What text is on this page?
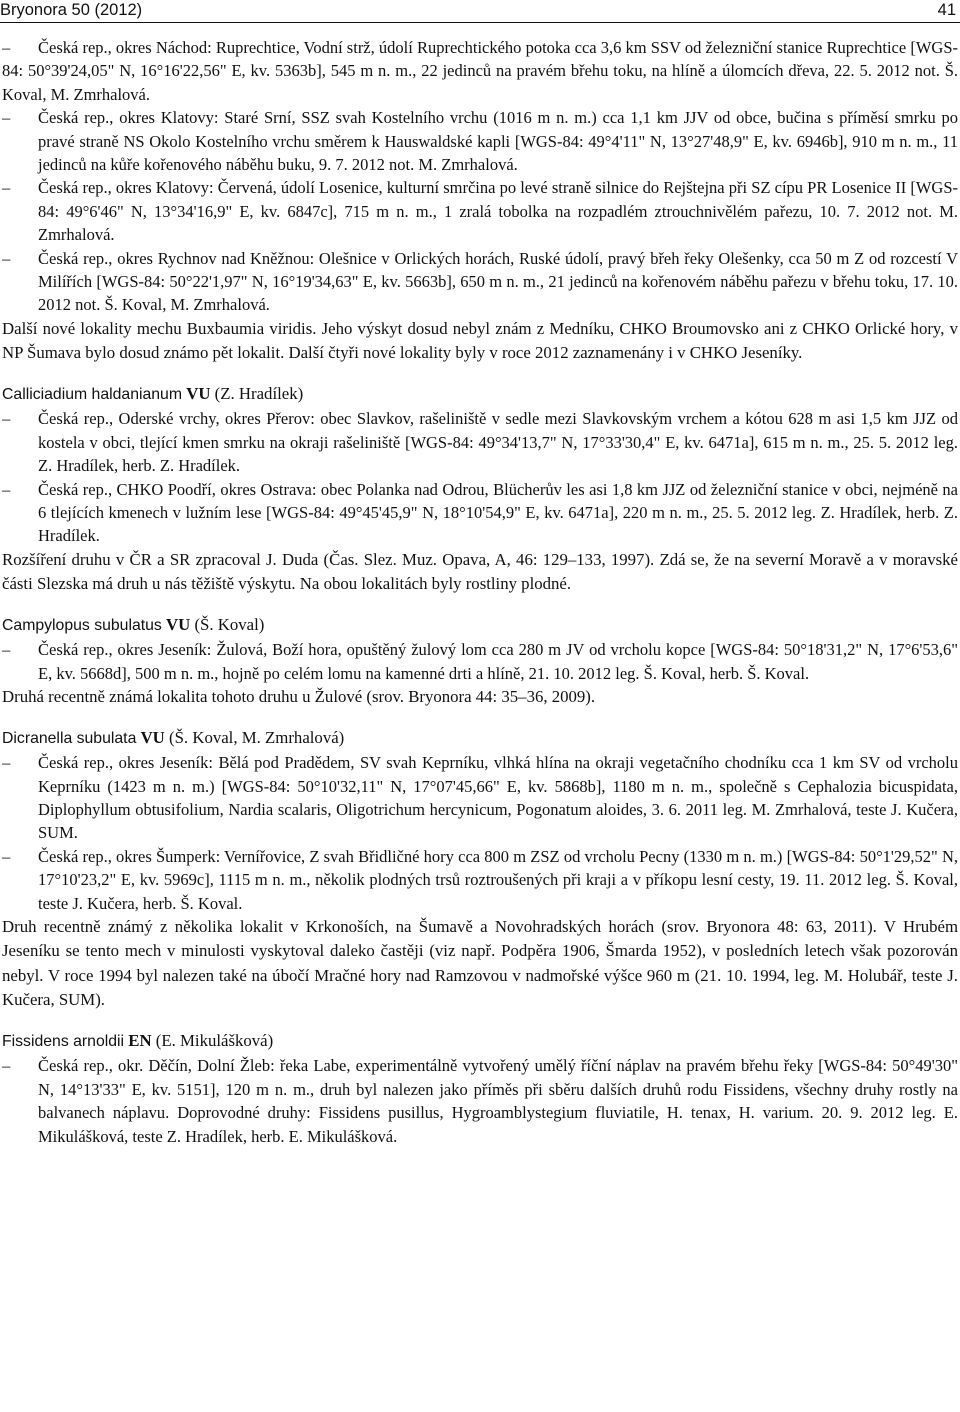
Bryonora 50 (2012)	41

– Česká rep., okres Náchod: Ruprechtice, Vodní strž, údolí Ruprechtického potoka cca 3,6 km SSV od železniční stanice Ruprechtice [WGS-84: 50°39'24,05" N, 16°16'22,56" E, kv. 5363b], 545 m n. m., 22 jedinců na pravém břehu toku, na hlíně a úlomcích dřeva, 22. 5. 2012 not. Š. Koval, M. Zmrhalová.

–	Česká rep., okres Klatovy: Staré Srní, SSZ svah Kostelního vrchu (1016 m n. m.) cca 1,1 km JJV od obce, bučina s příměsí smrku po pravé straně NS Okolo Kostelního vrchu směrem k Hauswaldské kapli [WGS-84: 49°4'11" N, 13°27'48,9" E, kv. 6946b], 910 m n. m., 11 jedinců na kůře kořenového náběhu buku, 9. 7. 2012 not. M. Zmrhalová.

–	Česká rep., okres Klatovy: Červená, údolí Losenice, kulturní smrčina po levé straně silnice do Rejštejna při SZ cípu PR Losenice II [WGS-84: 49°6'46" N, 13°34'16,9" E, kv. 6847c], 715 m n. m., 1 zralá tobolka na rozpadlém ztrouchnivělém pařezu, 10. 7. 2012 not. M. Zmrhalová.

–	Česká rep., okres Rychnov nad Kněžnou: Olešnice v Orlických horách, Ruské údolí, pravý břeh řeky Olešenky, cca 50 m Z od rozcestí V Milířích [WGS-84: 50°22'1,97" N, 16°19'34,63" E, kv. 5663b], 650 m n. m., 21 jedinců na kořenovém náběhu pařezu v břehu toku, 17. 10. 2012 not. Š. Koval, M. Zmrhalová.

Další nové lokality mechu Buxbaumia viridis. Jeho výskyt dosud nebyl znám z Medníku, CHKO Broumovsko ani z CHKO Orlické hory, v NP Šumava bylo dosud známo pět lokalit. Další čtyři nové lokality byly v roce 2012 zaznamenány i v CHKO Jeseníky.

Calliciadium haldanianum VU (Z. Hradílek)

–	Česká rep., Oderské vrchy, okres Přerov: obec Slavkov, rašeliniště v sedle mezi Slavkovským vrchem a kótou 628 m asi 1,5 km JJZ od kostela v obci, tlející kmen smrku na okraji rašeliniště [WGS-84: 49°34'13,7" N, 17°33'30,4" E, kv. 6471a], 615 m n. m., 25. 5. 2012 leg. Z. Hradílek, herb. Z. Hradílek.

–	Česká rep., CHKO Poodří, okres Ostrava: obec Polanka nad Odrou, Blücherův les asi 1,8 km JJZ od železniční stanice v obci, nejméně na 6 tlejících kmenech v lužním lese [WGS-84: 49°45'45,9" N, 18°10'54,9" E, kv. 6471a], 220 m n. m., 25. 5. 2012 leg. Z. Hradílek, herb. Z. Hradílek.

Rozšíření druhu v ČR a SR zpracoval J. Duda (Čas. Slez. Muz. Opava, A, 46: 129–133, 1997). Zdá se, že na severní Moravě a v moravské části Slezska má druh u nás těžiště výskytu. Na obou lokalitách byly rostliny plodné.

Campylopus subulatus VU (Š. Koval)

–	Česká rep., okres Jeseník: Žulová, Boží hora, opuštěný žulový lom cca 280 m JV od vrcholu kopce [WGS-84: 50°18'31,2" N, 17°6'53,6" E, kv. 5668d], 500 m n. m., hojně po celém lomu na kamenné drti a hlíně, 21. 10. 2012 leg. Š. Koval, herb. Š. Koval.

Druhá recentně známá lokalita tohoto druhu u Žulové (srov. Bryonora 44: 35–36, 2009).

Dicranella subulata VU (Š. Koval, M. Zmrhalová)

–	Česká rep., okres Jeseník: Bělá pod Pradědem, SV svah Keprníku, vlhká hlína na okraji vegetačního chodníku cca 1 km SV od vrcholu Keprníku (1423 m n. m.) [WGS-84: 50°10'32,11" N, 17°07'45,66" E, kv. 5868b], 1180 m n. m., společně s Cephalozia bicuspidata, Diplophyllum obtusifolium, Nardia scalaris, Oligotrichum hercynicum, Pogonatum aloides, 3. 6. 2011 leg. M. Zmrhalová, teste J. Kučera, SUM.

–	Česká rep., okres Šumperk: Vernířovice, Z svah Břidličné hory cca 800 m ZSZ od vrcholu Pecny (1330 m n. m.) [WGS-84: 50°1'29,52" N, 17°10'23,2" E, kv. 5969c], 1115 m n. m., několik plodných trsů roztroušených při kraji a v příkopu lesní cesty, 19. 11. 2012 leg. Š. Koval, teste J. Kučera, herb. Š. Koval.

Druh recentně známý z několika lokalit v Krkonoších, na Šumavě a Novohradských horách (srov. Bryonora 48: 63, 2011). V Hrubém Jeseníku se tento mech v minulosti vyskytoval daleko častěji (viz např. Podpěra 1906, Šmarda 1952), v posledních letech však pozorován nebyl. V roce 1994 byl nalezen také na úbočí Mračné hory nad Ramzovou v nadmořské výšce 960 m (21. 10. 1994, leg. M. Holubář, teste J. Kučera, SUM).

Fissidens arnoldii EN (E. Mikulášková)

–	Česká rep., okr. Děčín, Dolní Žleb: řeka Labe, experimentálně vytvořený umělý říční náplav na pravém břehu řeky [WGS-84: 50°49'30" N, 14°13'33" E, kv. 5151], 120 m n. m., druh byl nalezen jako příměs při sběru dalších druhů rodu Fissidens, všechny druhy rostly na balvanech náplavu. Doprovodné druhy: Fissidens pusillus, Hygroamblystegium fluviatile, H. tenax, H. varium. 20. 9. 2012 leg. E. Mikulášková, teste Z. Hradílek, herb. E. Mikulášková.
